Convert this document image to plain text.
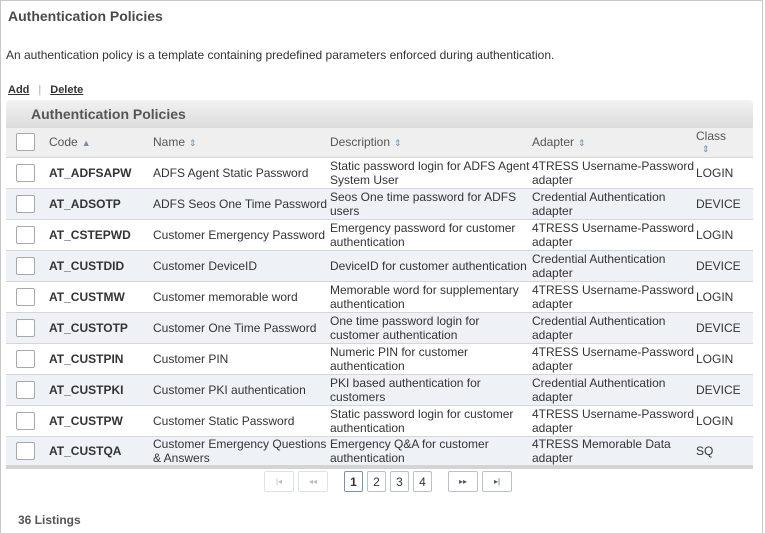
Authentication Policies
An authentication policy is a template containing predefined parameters enforced during authentication.
Add | Delete
Authentication Policies
	Code ▲	Name ⇕	Description ⇕	Adapter ⇕	Class
⇕
	AT_ADFSAPW	ADFS Agent Static Password	Static password login for ADFS Agent System User	4TRESS Username-Password adapter	LOGIN
	AT_ADSOTP	ADFS Seos One Time Password	Seos One time password for ADFS users	Credential Authentication adapter	DEVICE
	AT_CSTEPWD	Customer Emergency Password	Emergency password for customer authentication	4TRESS Username-Password adapter	LOGIN
	AT_CUSTDID	Customer DeviceID	DeviceID for customer authentication	Credential Authentication adapter	DEVICE
	AT_CUSTMW	Customer memorable word	Memorable word for supplementary authentication	4TRESS Username-Password adapter	LOGIN
	AT_CUSTOTP	Customer One Time Password	One time password login for customer authentication	Credential Authentication adapter	DEVICE
	AT_CUSTPIN	Customer PIN	Numeric PIN for customer authentication	4TRESS Username-Password adapter	LOGIN
	AT_CUSTPKI	Customer PKI authentication	PKI based authentication for customers	Credential Authentication adapter	DEVICE
	AT_CUSTPW	Customer Static Password	Static password login for customer authentication	4TRESS Username-Password adapter	LOGIN
	AT_CUSTQA	Customer Emergency Questions & Answers	Emergency Q&A for customer authentication	4TRESS Memorable Data adapter	SQ
|◂	◂◂	1	2	3	4	▸▸	▸|
36 Listings
